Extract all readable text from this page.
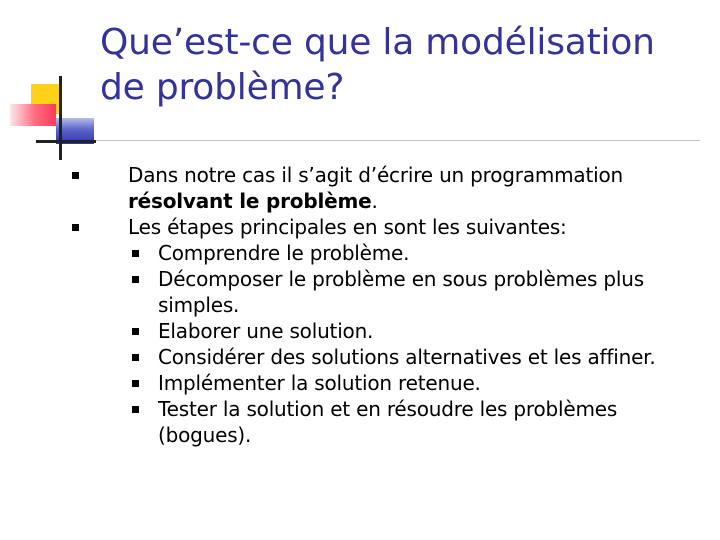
Que’est-ce que la modélisation
de problème?
Dans notre cas il s’agit d’écrire un programmation
résolvant le problème.
Les étapes principales en sont les suivantes:
Comprendre le problème.
Décomposer le problème en sous problèmes plus
simples.
Elaborer une solution.
Considérer des solutions alternatives et les affiner.
Implémenter la solution retenue.
Tester la solution et en résoudre les problèmes
(bogues).
